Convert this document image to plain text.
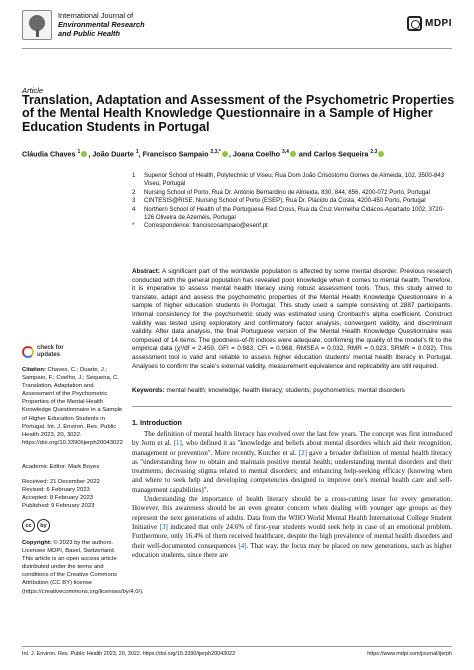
International Journal of
Environmental Research
and Public Health
MDPI
Article
Translation, Adaptation and Assessment of the Psychometric Properties of the Mental Health Knowledge Questionnaire in a Sample of Higher Education Students in Portugal
Cláudia Chaves $^1$ , João Duarte $^1$, Francisco Sampaio $^{2,3,*}$ , Joana Coelho $^{3,4}$ and Carlos Sequeira $^{2,3}$
1	Superior School of Health, Polytechnic of Viseu, Rua Dom João Crisóstomo Gomes de Almeida, 102, 3500-843 Viseu, Portugal
2	Nursing School of Porto, Rua Dr. António Bernardino de Almeida, 830, 844, 856, 4200-072 Porto, Portugal
3	CINTESIS@RISE, Nursing School of Porto (ESEP), Rua Dr. Plácido da Costa, 4200-450 Porto, Portugal
4	Northern School of Health of the Portuguese Red Cross, Rua da Cruz Vermelha Cidacos-Apartado 1002, 3720-126 Oliveira de Azeméis, Portugal
*	Correspondence: franciscosampaio@esenf.pt
Abstract: A significant part of the worldwide population is affected by some mental disorder. Previous research conducted with the general population has revealed poor knowledge when it comes to mental health. Therefore, it is imperative to assess mental health literacy using robust assessment tools. Thus, this study aimed to translate, adapt and assess the psychometric properties of the Mental Health Knowledge Questionnaire in a sample of higher education students in Portugal. This study used a sample consisting of 2887 participants. Internal consistency for the psychometric study was estimated using Cronbach's alpha coefficient. Construct validity was tested using exploratory and confirmatory factor analysis, convergent validity, and discriminant validity. After data analysis, the final Portuguese version of the Mental Health Knowledge Questionnaire was composed of 14 items. The goodness-of-fit indices were adequate, confirming the quality of the model's fit to the empirical data (χ²/df = 2.459, GFI = 0.983, CFI = 0.968, RMSEA = 0.032, RMR = 0.023, SRMR = 0.032). This assessment tool is valid and reliable to assess higher education students' mental health literacy in Portugal. Analyses to confirm the scale's external validity, measurement equivalence and replicability are still required.
Keywords: mental health; knowledge; health literacy; students; psychometrics; mental disorders
1. Introduction

The definition of mental health literacy has evolved over the last few years. The concept was first introduced by Jorm et al. [1], who defined it as "knowledge and beliefs about mental disorders which aid their recognition, management or prevention". More recently, Kutcher et al. [2] gave a broader definition of mental health literacy as "understanding how to obtain and maintain positive mental health; understanding mental disorders and their treatments; decreasing stigma related to mental disorders; and enhancing help-seeking efficacy (knowing when and where to seek help and developing competencies designed to improve one's mental health care and self-management capabilities)".

Understanding the importance of health literacy should be a cross-cutting issue for every generation. However, this awareness should be an even greater concern when dealing with younger age groups as they represent the next generations of adults. Data from the WHO World Mental Health International College Student Initiative [3] indicated that only 24.6% of first-year students would seek help in case of an emotional problem. Furthermore, only 16.4% of them received healthcare, despite the high prevalence of mental health disorders and their well-documented consequences [4]. That way, the focus may be placed on new generations, such as higher education students, since there are

check for
updates
Citation: Chaves, C.; Duarte, J.; Sampaio, F.; Coelho, J.; Sequeira, C. Translation, Adaptation and Assessment of the Psychometric Properties of the Mental Health Knowledge Questionnaire in a Sample of Higher Education Students in Portugal. Int. J. Environ. Res. Public Health 2023, 20, 3022. https://doi.org/10.3390/ijerph20043022
Academic Editor: Mark Boyes
Received: 21 December 2022
Revised: 6 February 2023
Accepted: 8 February 2023
Published: 9 February 2023
cc	by
Copyright: © 2023 by the authors. Licensee MDPI, Basel, Switzerland. This article is an open access article distributed under the terms and conditions of the Creative Commons Attribution (CC BY) license (https://creativecommons.org/licenses/by/4.0/).
Int. J. Environ. Res. Public Health 2023, 20, 3022. https://doi.org/10.3390/ijerph20043022	https://www.mdpi.com/journal/ijerph
